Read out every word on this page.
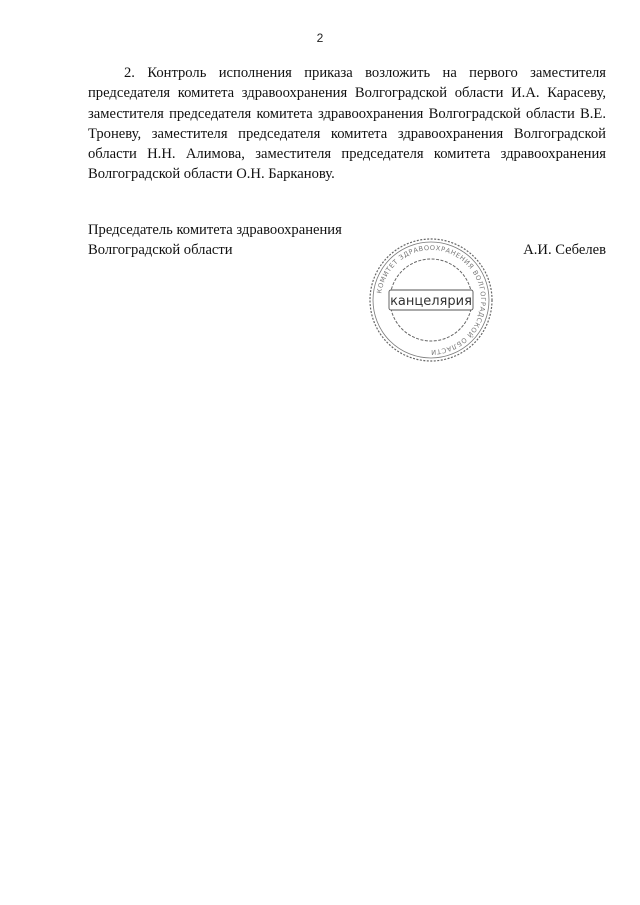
2

2. Контроль исполнения приказа возложить на первого заместителя председателя комитета здравоохранения Волгоградской области И.А. Карасеву, заместителя председателя комитета здравоохранения Волгоградской области В.Е. Троневу, заместителя председателя комитета здравоохранения Волгоградской области Н.Н. Алимова, заместителя председателя комитета здравоохранения Волгоградской области О.Н. Барканову.

Председатель комитета здравоохранения
Волгоградской области	А.И. Себелев
КОМИТЕТ ЗДРАВООХРАНЕНИЯ ВОЛГОГРАДСКОЙ ОБЛАСТИ
канцелярия
